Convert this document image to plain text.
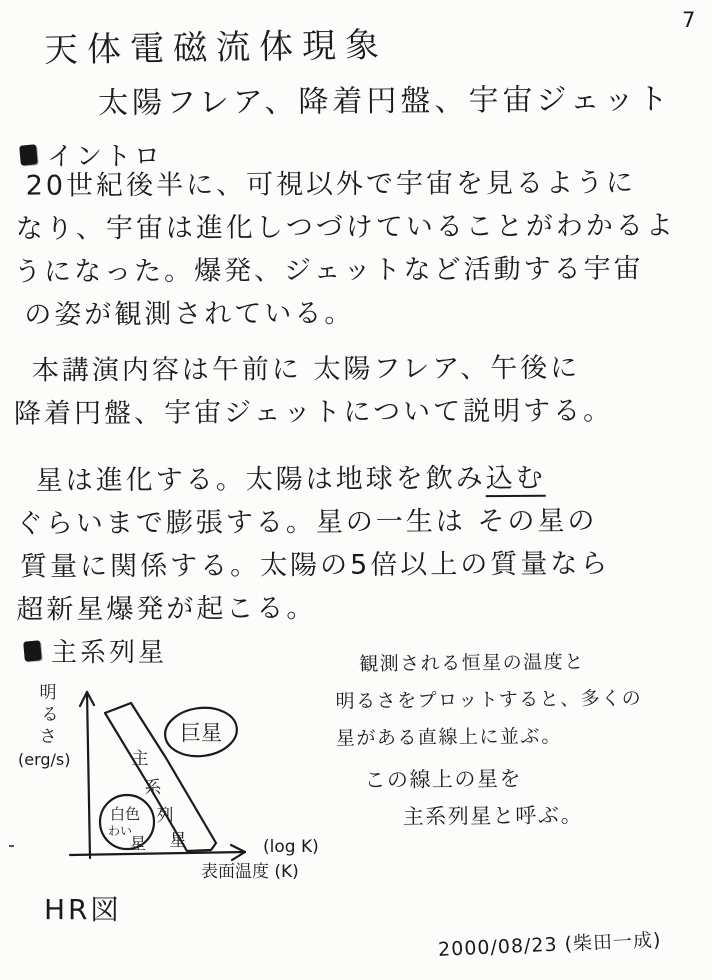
7
天体電磁流体現象
太陽フレア、降着円盤、宇宙ジェット
イントロ
20世紀後半に、可視以外で宇宙を見るように
なり、宇宙は進化しつづけていることがわかるよ
うになった。爆発、ジェットなど活動する宇宙
の姿が観測されている。
本講演内容は午前に 太陽フレア、午後に
降着円盤、宇宙ジェットについて説明する。
星は進化する。太陽は地球を飲み込む
ぐらいまで膨張する。星の一生は その星の
質量に関係する。太陽の5倍以上の質量なら
超新星爆発が起こる。
主系列星	観測される恒星の温度と
明るさをプロットすると、多くの
星がある直線上に並ぶ。
この線上の星を
主系列星と呼ぶ。
主
系
列
星
巨星
白色
わい
星
明
る
さ
(erg/s)
(log K)
表面温度 (K)
HR図
2000/08/23 (柴田一成)
